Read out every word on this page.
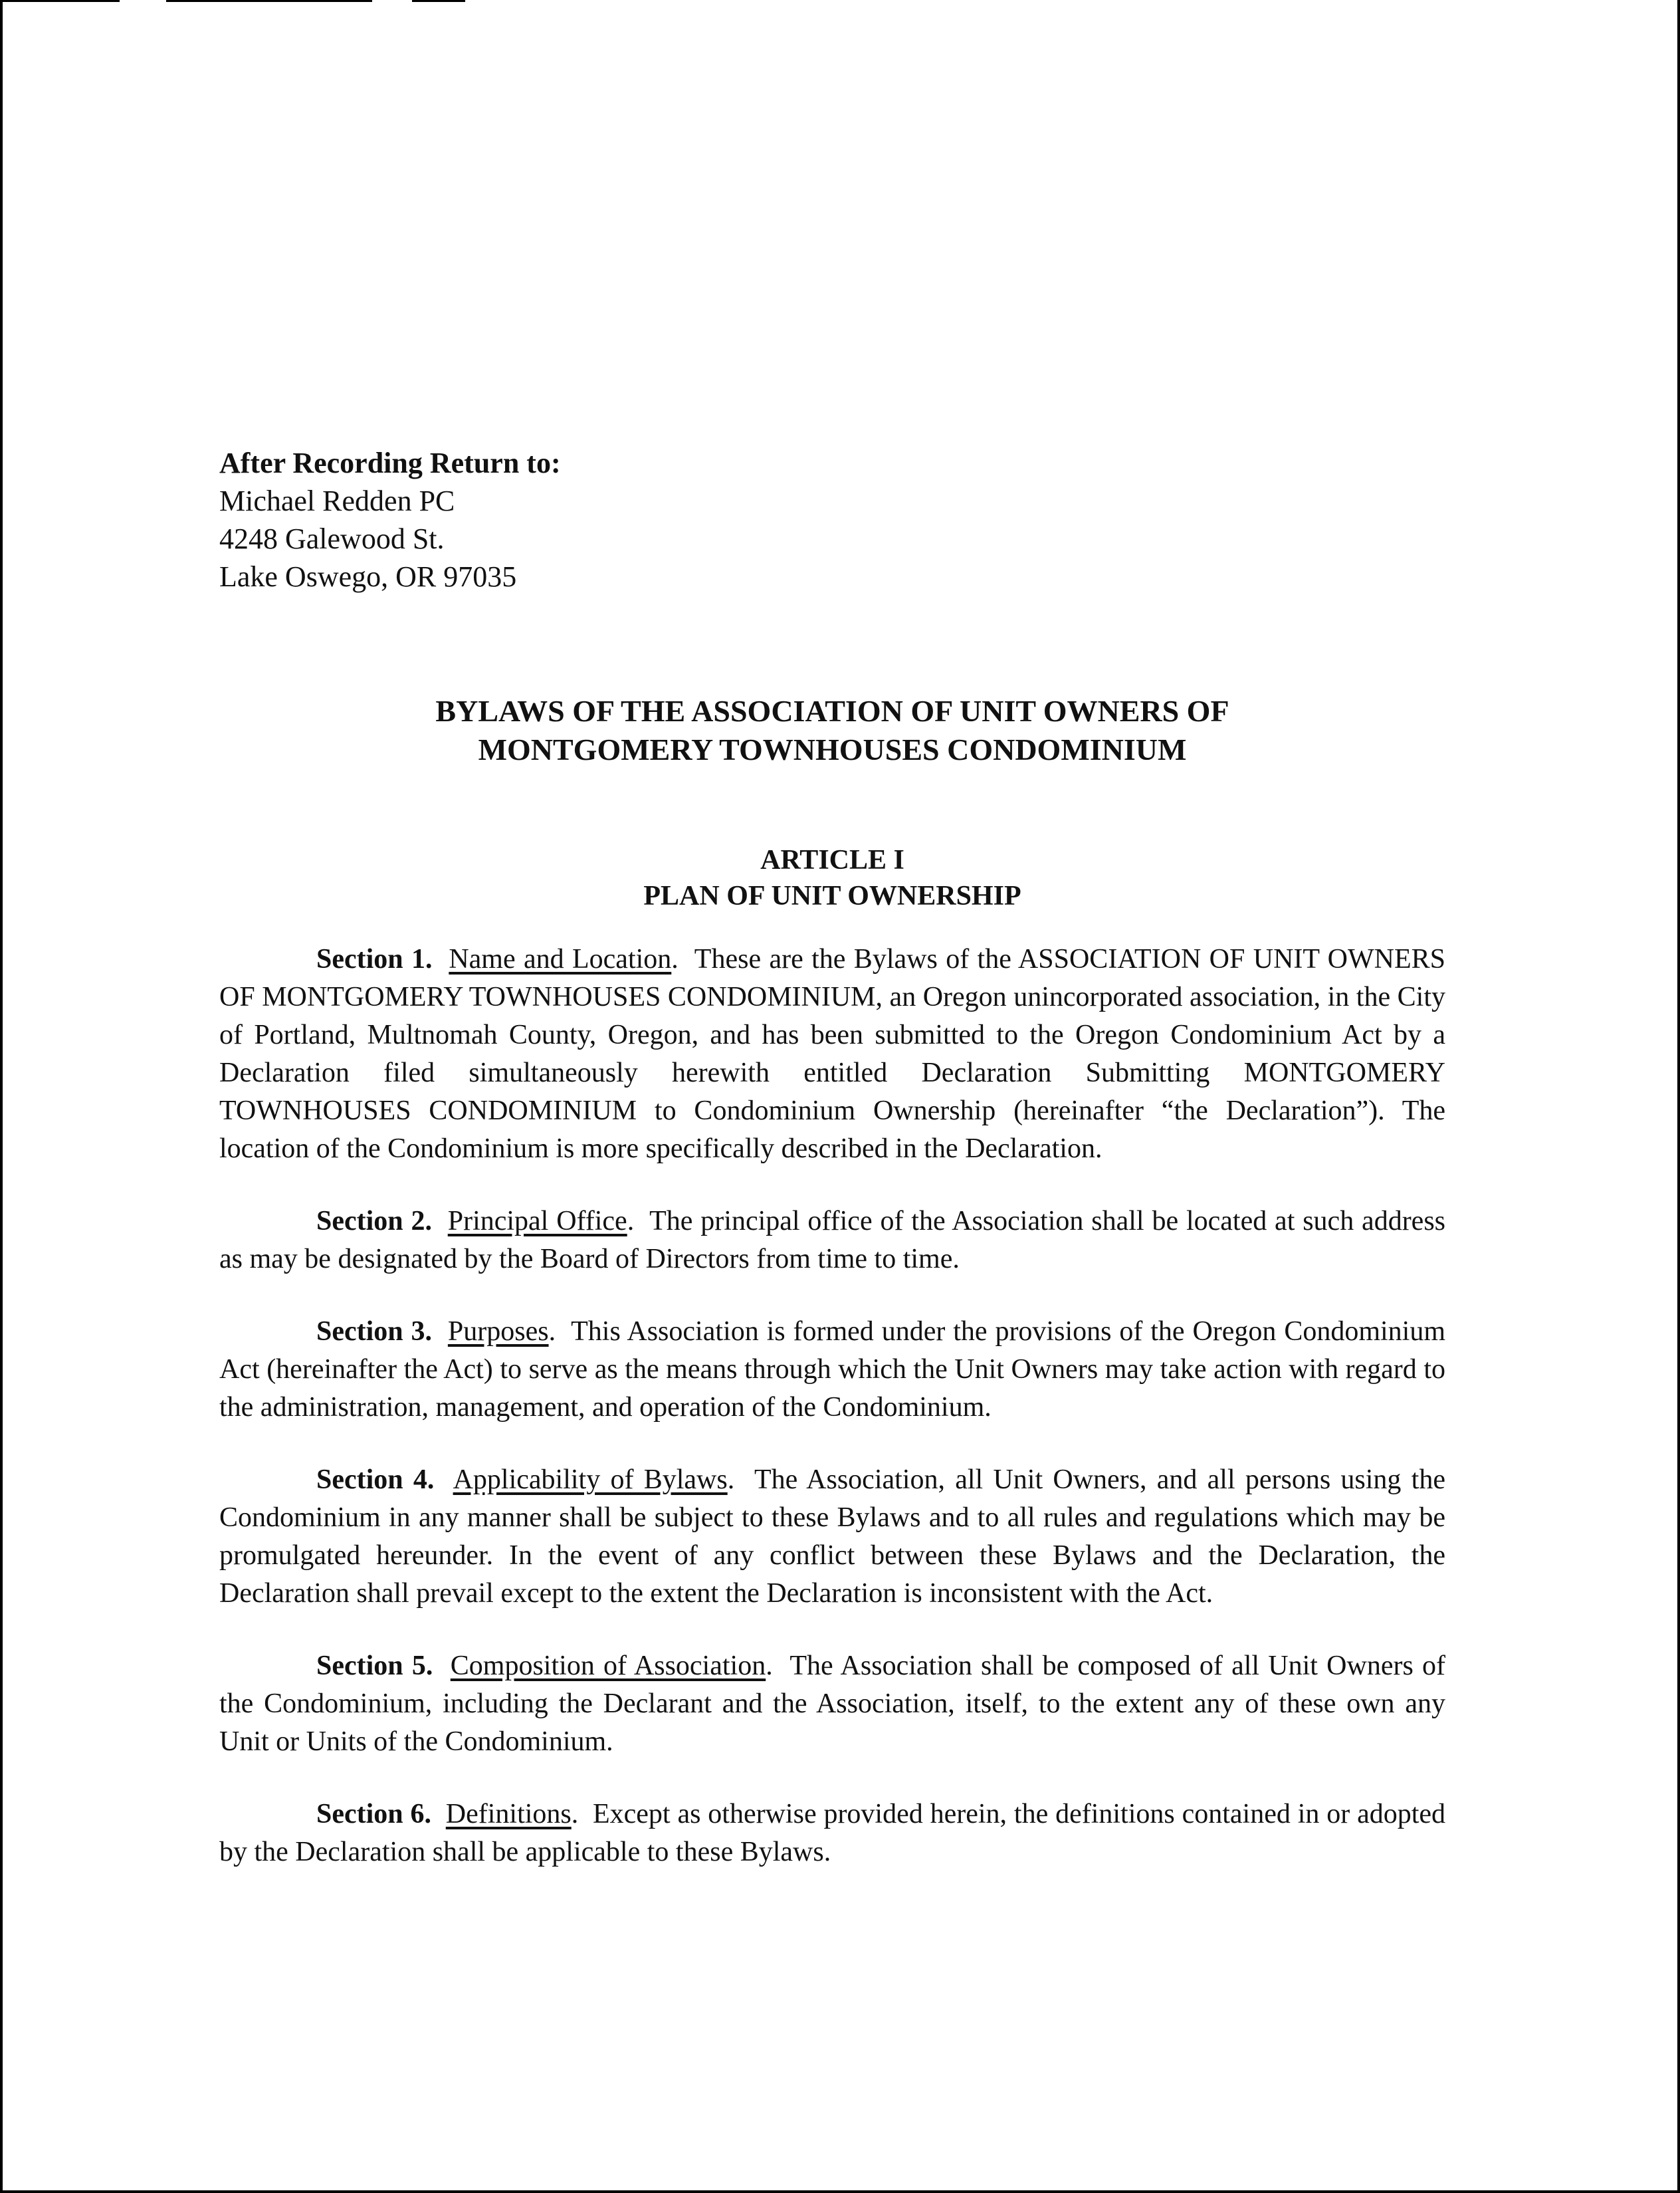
After Recording Return to:
Michael Redden PC
4248 Galewood St.
Lake Oswego, OR 97035
BYLAWS OF THE ASSOCIATION OF UNIT OWNERS OF
MONTGOMERY TOWNHOUSES CONDOMINIUM
ARTICLE I
PLAN OF UNIT OWNERSHIP

Section 1. Name and Location.  These are the Bylaws of the ASSOCIATION OF UNIT OWNERS OF MONTGOMERY TOWNHOUSES CONDOMINIUM, an Oregon unincorporated association, in the City of Portland, Multnomah County, Oregon, and has been submitted to the Oregon Condominium Act by a Declaration filed simultaneously herewith entitled Declaration Submitting MONTGOMERY TOWNHOUSES CONDOMINIUM to Condominium Ownership (hereinafter “the Declaration”). The location of the Condominium is more specifically described in the Declaration.

Section 2. Principal Office.  The principal office of the Association shall be located at such address as may be designated by the Board of Directors from time to time.

Section 3. Purposes.  This Association is formed under the provisions of the Oregon Condominium Act (hereinafter the Act) to serve as the means through which the Unit Owners may take action with regard to the administration, management, and operation of the Condominium.

Section 4. Applicability of Bylaws.  The Association, all Unit Owners, and all persons using the Condominium in any manner shall be subject to these Bylaws and to all rules and regulations which may be promulgated hereunder. In the event of any conflict between these Bylaws and the Declaration, the Declaration shall prevail except to the extent the Declaration is inconsistent with the Act.

Section 5. Composition of Association.  The Association shall be composed of all Unit Owners of the Condominium, including the Declarant and the Association, itself, to the extent any of these own any Unit or Units of the Condominium.

Section 6. Definitions.  Except as otherwise provided herein, the definitions contained in or adopted by the Declaration shall be applicable to these Bylaws.
